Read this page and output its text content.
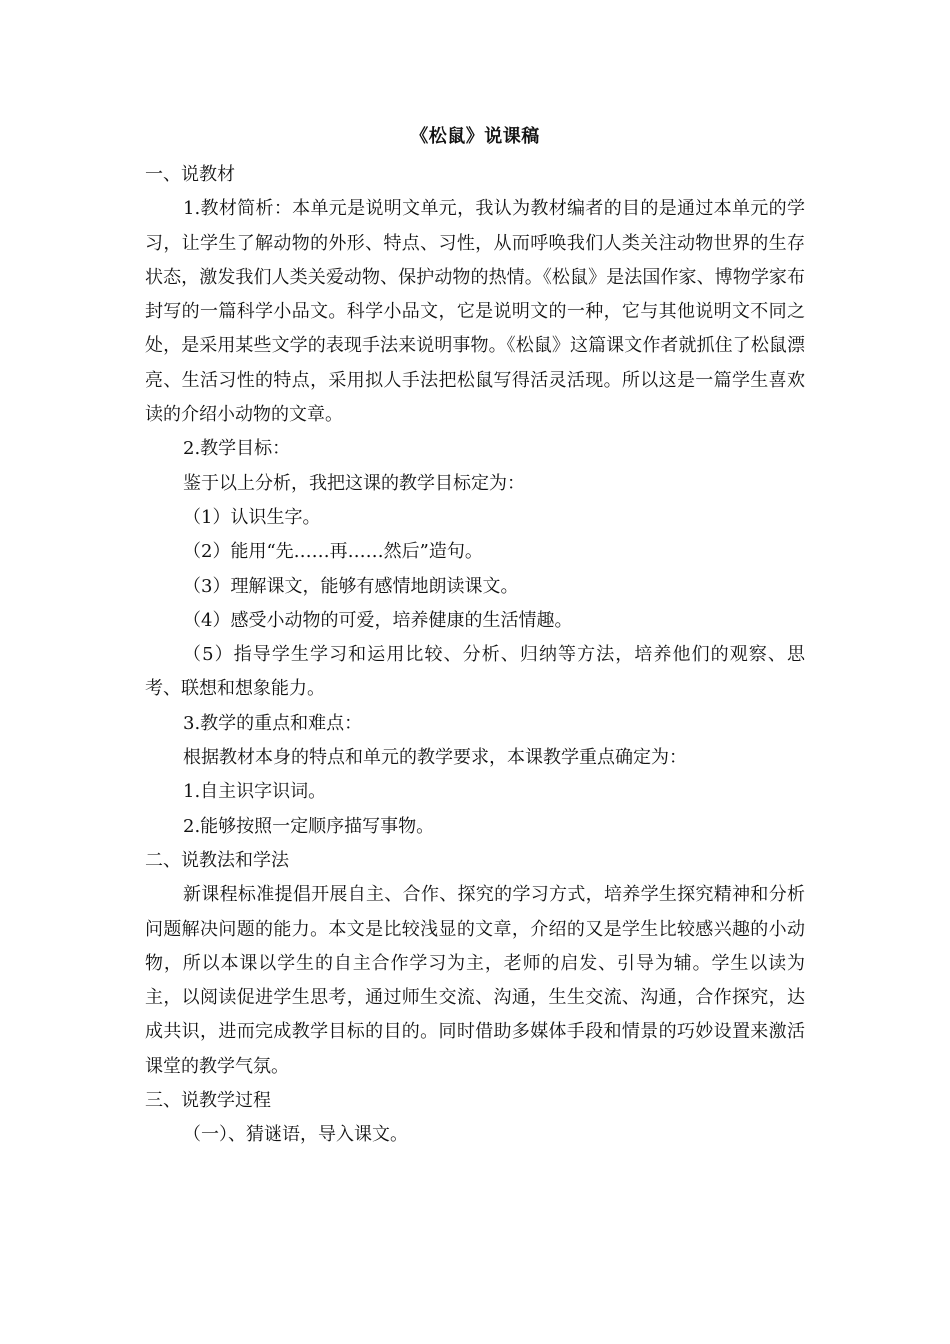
《松鼠》说课稿

一、说教材

1.教材简析：本单元是说明文单元，我认为教材编者的目的是通过本单元的学习，让学生了解动物的外形、特点、习性，从而呼唤我们人类关注动物世界的生存状态，激发我们人类关爱动物、保护动物的热情。《松鼠》是法国作家、博物学家布封写的一篇科学小品文。科学小品文，它是说明文的一种，它与其他说明文不同之处，是采用某些文学的表现手法来说明事物。《松鼠》这篇课文作者就抓住了松鼠漂亮、生活习性的特点，采用拟人手法把松鼠写得活灵活现。所以这是一篇学生喜欢读的介绍小动物的文章。

2.教学目标：

鉴于以上分析，我把这课的教学目标定为：

（1）认识生字。

（2）能用“先……再……然后”造句。

（3）理解课文，能够有感情地朗读课文。

（4）感受小动物的可爱，培养健康的生活情趣。

（5）指导学生学习和运用比较、分析、归纳等方法，培养他们的观察、思考、联想和想象能力。

3.教学的重点和难点：

根据教材本身的特点和单元的教学要求，本课教学重点确定为：

1.自主识字识词。

2.能够按照一定顺序描写事物。

二、说教法和学法

新课程标准提倡开展自主、合作、探究的学习方式，培养学生探究精神和分析问题解决问题的能力。本文是比较浅显的文章，介绍的又是学生比较感兴趣的小动物，所以本课以学生的自主合作学习为主，老师的启发、引导为辅。学生以读为主，以阅读促进学生思考，通过师生交流、沟通，生生交流、沟通，合作探究，达成共识，进而完成教学目标的目的。同时借助多媒体手段和情景的巧妙设置来激活课堂的教学气氛。

三、说教学过程

（一）、猜谜语，导入课文。
